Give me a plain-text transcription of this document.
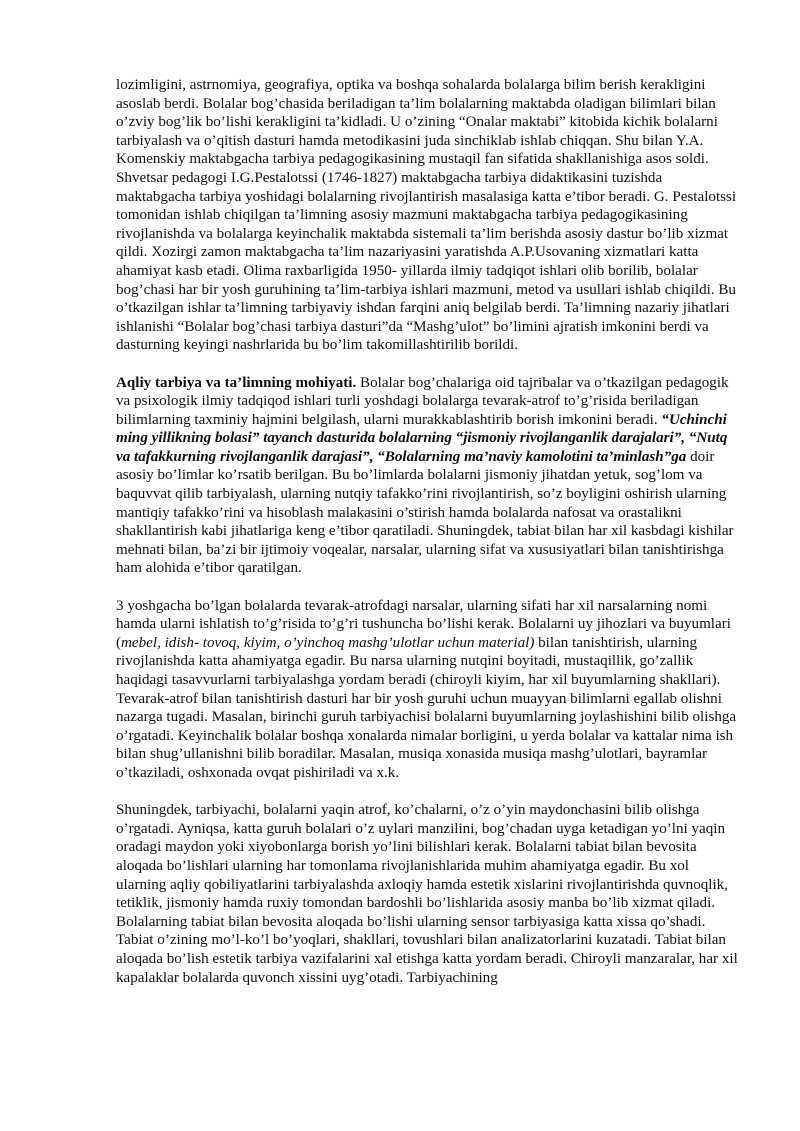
lozimligini, astrnomiya, geografiya, optika va boshqa sohalarda bolalarga bilim berish kerakligini asoslab berdi. Bolalar bog’chasida beriladigan ta’lim bolalarning maktabda oladigan bilimlari bilan o’zviy bog’lik bo’lishi kerakligini ta’kidladi. U o’zining “Onalar maktabi” kitobida kichik bolalarni tarbiyalash va o’qitish dasturi hamda metodikasini juda sinchiklab ishlab chiqqan. Shu bilan Y.A. Komenskiy maktabgacha tarbiya pedagogikasining mustaqil fan sifatida shakllanishiga asos soldi. Shvetsar pedagogi I.G.Pestalotssi (1746-1827) maktabgacha tarbiya didaktikasini tuzishda maktabgacha tarbiya yoshidagi bolalarning rivojlantirish masalasiga katta e’tibor beradi. G. Pestalotssi tomonidan ishlab chiqilgan ta’limning asosiy mazmuni maktabgacha tarbiya pedagogikasining rivojlanishda va bolalarga keyinchalik maktabda sistemali ta’lim berishda asosiy dastur bo’lib xizmat qildi. Xozirgi zamon maktabgacha ta’lim nazariyasini yaratishda A.P.Usovaning xizmatlari katta ahamiyat kasb etadi. Olima raxbarligida 1950- yillarda ilmiy tadqiqot ishlari olib borilib, bolalar bog’chasi har bir yosh guruhining ta’lim-tarbiya ishlari mazmuni, metod va usullari ishlab chiqildi. Bu o’tkazilgan ishlar ta’limning tarbiyaviy ishdan farqini aniq belgilab berdi. Ta’limning nazariy jihatlari ishlanishi “Bolalar bog’chasi tarbiya dasturi”da “Mashg’ulot” bo’limini ajratish imkonini berdi va dasturning keyingi nashrlarida bu bo’lim takomillashtirilib borildi.

Aqliy tarbiya va ta’limning mohiyati. Bolalar bog’chalariga oid tajribalar va o’tkazilgan pedagogik va psixologik ilmiy tadqiqod ishlari turli yoshdagi bolalarga tevarak-atrof to’g’risida beriladigan bilimlarning taxminiy hajmini belgilash, ularni murakkablashtirib borish imkonini beradi. “Uchinchi ming yillikning bolasi” tayanch dasturida bolalarning “jismoniy rivojlanganlik darajalari”, “Nutq va tafakkurning rivojlanganlik darajasi”, “Bolalarning ma’naviy kamolotini ta’minlash”ga doir asosiy bo’limlar ko’rsatib berilgan. Bu bo’limlarda bolalarni jismoniy jihatdan yetuk, sog’lom va baquvvat qilib tarbiyalash, ularning nutqiy tafakko’rini rivojlantirish, so’z boyligini oshirish ularning mantiqiy tafakko’rini va hisoblash malakasini o’stirish hamda bolalarda nafosat va orastalikni shakllantirish kabi jihatlariga keng e’tibor qaratiladi. Shuningdek, tabiat bilan har xil kasbdagi kishilar mehnati bilan, ba’zi bir ijtimoiy voqealar, narsalar, ularning sifat va xususiyatlari bilan tanishtirishga ham alohida e’tibor qaratilgan.

3 yoshgacha bo’lgan bolalarda tevarak-atrofdagi narsalar, ularning sifati har xil narsalarning nomi hamda ularni ishlatish to’g’risida to’g’ri tushuncha bo’lishi kerak. Bolalarni uy jihozlari va buyumlari (mebel, idish- tovoq, kiyim, o’yinchoq mashg’ulotlar uchun material) bilan tanishtirish, ularning rivojlanishda katta ahamiyatga egadir. Bu narsa ularning nutqini boyitadi, mustaqillik, go’zallik haqidagi tasavvurlarni tarbiyalashga yordam beradi (chiroyli kiyim, har xil buyumlarning shakllari). Tevarak-atrof bilan tanishtirish dasturi har bir yosh guruhi uchun muayyan bilimlarni egallab olishni nazarga tugadi. Masalan, birinchi guruh tarbiyachisi bolalarni buyumlarning joylashishini bilib olishga o’rgatadi. Keyinchalik bolalar boshqa xonalarda nimalar borligini, u yerda bolalar va kattalar nima ish bilan shug’ullanishni bilib boradilar. Masalan, musiqa xonasida musiqa mashg’ulotlari, bayramlar o’tkaziladi, oshxonada ovqat pishiriladi va x.k.

Shuningdek, tarbiyachi, bolalarni yaqin atrof, ko’chalarni, o’z o’yin maydonchasini bilib olishga o’rgatadi. Ayniqsa, katta guruh bolalari o’z uylari manzilini, bog’chadan uyga ketadigan yo’lni yaqin oradagi maydon yoki xiyobonlarga borish yo’lini bilishlari kerak. Bolalarni tabiat bilan bevosita aloqada bo’lishlari ularning har tomonlama rivojlanishlarida muhim ahamiyatga egadir. Bu xol ularning aqliy qobiliyatlarini tarbiyalashda axloqiy hamda estetik xislarini rivojlantirishda quvnoqlik, tetiklik, jismoniy hamda ruxiy tomondan bardoshli bo’lishlarida asosiy manba bo’lib xizmat qiladi. Bolalarning tabiat bilan bevosita aloqada bo’lishi ularning sensor tarbiyasiga katta xissa qo’shadi. Tabiat o’zining mo’l-ko’l bo’yoqlari, shakllari, tovushlari bilan analizatorlarini kuzatadi. Tabiat bilan aloqada bo’lish estetik tarbiya vazifalarini xal etishga katta yordam beradi. Chiroyli manzaralar, har xil kapalaklar bolalarda quvonch xissini uyg’otadi. Tarbiyachining
